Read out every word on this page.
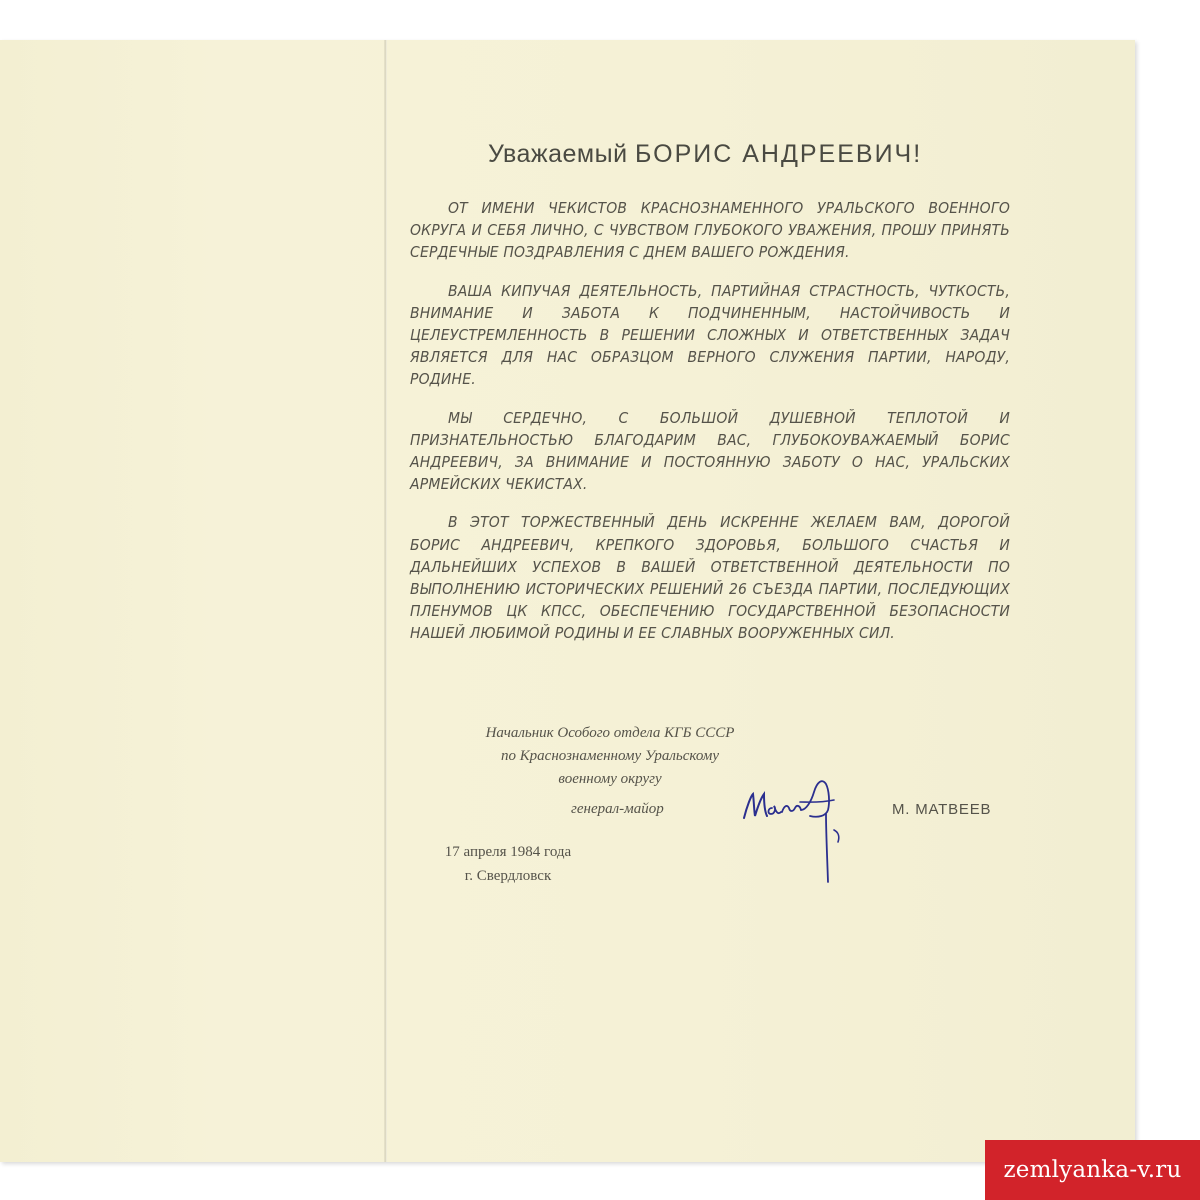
Уважаемый БОРИС АНДРЕЕВИЧ!

ОТ ИМЕНИ ЧЕКИСТОВ КРАСНОЗНАМЕННОГО УРАЛЬСКОГО ВОЕННОГО ОКРУГА И СЕБЯ ЛИЧНО, С ЧУВСТВОМ ГЛУБОКОГО УВАЖЕНИЯ, ПРОШУ ПРИНЯТЬ СЕРДЕЧНЫЕ ПОЗДРАВЛЕНИЯ С ДНЕМ ВАШЕГО РОЖДЕНИЯ.

ВАША КИПУЧАЯ ДЕЯТЕЛЬНОСТЬ, ПАРТИЙНАЯ СТРАСТНОСТЬ, ЧУТКОСТЬ, ВНИМАНИЕ И ЗАБОТА К ПОДЧИНЕННЫМ, НАСТОЙЧИВОСТЬ И ЦЕЛЕУСТРЕМЛЕННОСТЬ В РЕШЕНИИ СЛОЖНЫХ И ОТВЕТСТВЕННЫХ ЗАДАЧ ЯВЛЯЕТСЯ ДЛЯ НАС ОБРАЗЦОМ ВЕРНОГО СЛУЖЕНИЯ ПАРТИИ, НАРОДУ, РОДИНЕ.

МЫ СЕРДЕЧНО, С БОЛЬШОЙ ДУШЕВНОЙ ТЕПЛОТОЙ И ПРИЗНАТЕЛЬНОСТЬЮ БЛАГОДАРИМ ВАС, ГЛУБОКОУВАЖАЕМЫЙ БОРИС АНДРЕЕВИЧ, ЗА ВНИМАНИЕ И ПОСТОЯННУЮ ЗАБОТУ О НАС, УРАЛЬСКИХ АРМЕЙСКИХ ЧЕКИСТАХ.

В ЭТОТ ТОРЖЕСТВЕННЫЙ ДЕНЬ ИСКРЕННЕ ЖЕЛАЕМ ВАМ, ДОРОГОЙ БОРИС АНДРЕЕВИЧ, КРЕПКОГО ЗДОРОВЬЯ, БОЛЬШОГО СЧАСТЬЯ И ДАЛЬНЕЙШИХ УСПЕХОВ В ВАШЕЙ ОТВЕТСТВЕННОЙ ДЕЯТЕЛЬНОСТИ ПО ВЫПОЛНЕНИЮ ИСТОРИЧЕСКИХ РЕШЕНИЙ 26 СЪЕЗДА ПАРТИИ, ПОСЛЕДУЮЩИХ ПЛЕНУМОВ ЦК КПСС, ОБЕСПЕЧЕНИЮ ГОСУДАРСТВЕННОЙ БЕЗОПАСНОСТИ НАШЕЙ ЛЮБИМОЙ РОДИНЫ И ЕЕ СЛАВНЫХ ВООРУЖЕННЫХ СИЛ.

Начальник Особого отдела КГБ СССР
по Краснознаменному Уральскому
военному округу
генерал-майор	М. МАТВЕЕВ
17 апреля 1984 года
г. Свердловск
zemlyanka-v.ru
